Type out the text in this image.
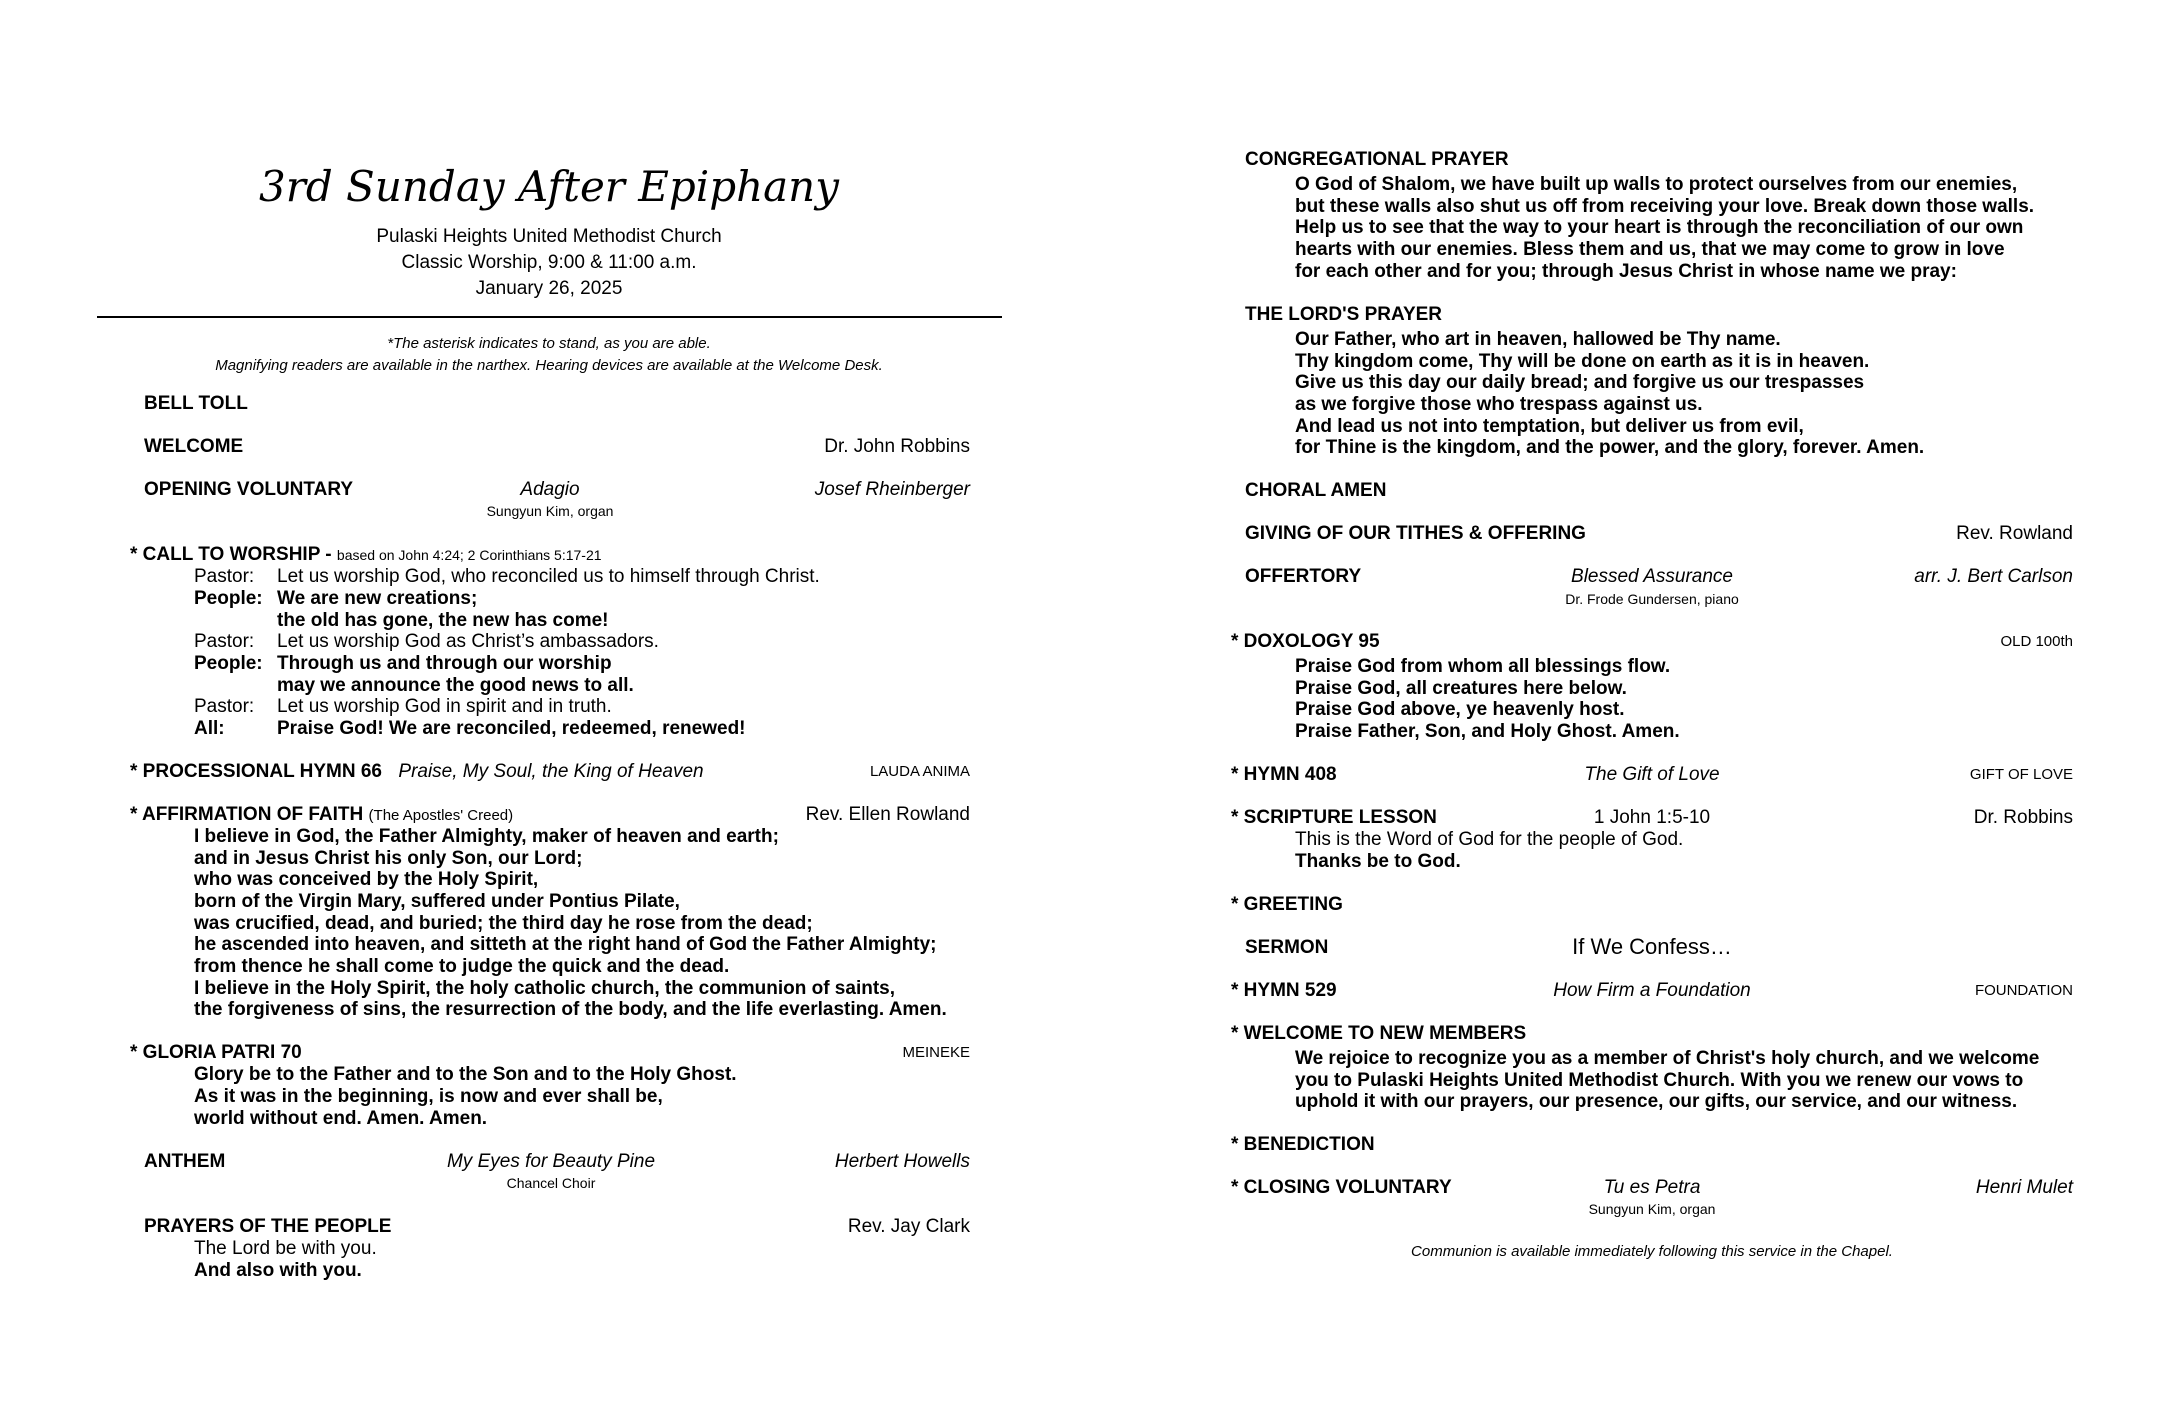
3rd Sunday After Epiphany
Pulaski Heights United Methodist Church
Classic Worship, 9:00 & 11:00 a.m.
January 26, 2025
*The asterisk indicates to stand, as you are able.
Magnifying readers are available in the narthex. Hearing devices are available at the Welcome Desk.
BELL TOLL
WELCOME	Dr. John Robbins
OPENING VOLUNTARY	Adagio	Josef Rheinberger
Sungyun Kim, organ
* CALL TO WORSHIP - based on John 4:24; 2 Corinthians 5:17-21
Pastor: Let us worship God, who reconciled us to himself through Christ.
People: We are new creations;
the old has gone, the new has come!
Pastor: Let us worship God as Christ’s ambassadors.
People: Through us and through our worship
may we announce the good news to all.
Pastor: Let us worship God in spirit and in truth.
All:	Praise God! We are reconciled, redeemed, renewed!
* PROCESSIONAL HYMN 66 Praise, My Soul, the King of Heaven	LAUDA ANIMA
* AFFIRMATION OF FAITH (The Apostles' Creed)	Rev. Ellen Rowland
I believe in God, the Father Almighty, maker of heaven and earth;
and in Jesus Christ his only Son, our Lord;
who was conceived by the Holy Spirit,
born of the Virgin Mary, suffered under Pontius Pilate,
was crucified, dead, and buried; the third day he rose from the dead;
he ascended into heaven, and sitteth at the right hand of God the Father Almighty;
from thence he shall come to judge the quick and the dead.
I believe in the Holy Spirit, the holy catholic church, the communion of saints,
the forgiveness of sins, the resurrection of the body, and the life everlasting. Amen.
* GLORIA PATRI 70	MEINEKE
Glory be to the Father and to the Son and to the Holy Ghost.
As it was in the beginning, is now and ever shall be,
world without end. Amen. Amen.
ANTHEM	My Eyes for Beauty Pine	Herbert Howells
Chancel Choir
PRAYERS OF THE PEOPLE	Rev. Jay Clark
The Lord be with you.
And also with you.
CONGREGATIONAL PRAYER
O God of Shalom, we have built up walls to protect ourselves from our enemies,
but these walls also shut us off from receiving your love. Break down those walls.
Help us to see that the way to your heart is through the reconciliation of our own
hearts with our enemies. Bless them and us, that we may come to grow in love
for each other and for you; through Jesus Christ in whose name we pray:
THE LORD'S PRAYER
Our Father, who art in heaven, hallowed be Thy name.
Thy kingdom come, Thy will be done on earth as it is in heaven.
Give us this day our daily bread; and forgive us our trespasses
as we forgive those who trespass against us.
And lead us not into temptation, but deliver us from evil,
for Thine is the kingdom, and the power, and the glory, forever. Amen.
CHORAL AMEN
GIVING OF OUR TITHES & OFFERING	Rev. Rowland
OFFERTORY	Blessed Assurance	arr. J. Bert Carlson
Dr. Frode Gundersen, piano
* DOXOLOGY 95	OLD 100th
Praise God from whom all blessings flow.
Praise God, all creatures here below.
Praise God above, ye heavenly host.
Praise Father, Son, and Holy Ghost. Amen.
* HYMN 408	The Gift of Love	GIFT OF LOVE
* SCRIPTURE LESSON	1 John 1:5-10	Dr. Robbins
This is the Word of God for the people of God.
Thanks be to God.
* GREETING
SERMON	If We Confess…
* HYMN 529	How Firm a Foundation	FOUNDATION
* WELCOME TO NEW MEMBERS
We rejoice to recognize you as a member of Christ's holy church, and we welcome
you to Pulaski Heights United Methodist Church. With you we renew our vows to
uphold it with our prayers, our presence, our gifts, our service, and our witness.
* BENEDICTION
* CLOSING VOLUNTARY	Tu es Petra	Henri Mulet
Sungyun Kim, organ
Communion is available immediately following this service in the Chapel.
